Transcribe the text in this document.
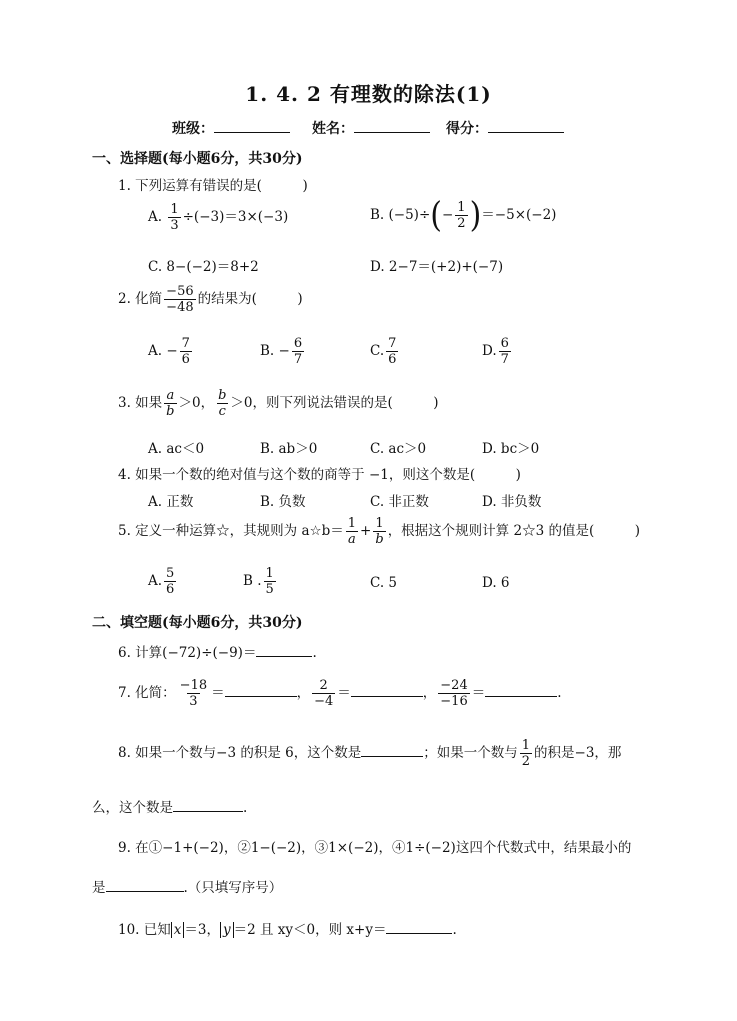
1. 4. 2 有理数的除法(1)
班级：	姓名：	得分：
一、选择题(每小题6分，共30分)
1. 下列运算有错误的是(　　　)
A. $\frac{1}{3} \div(-3)=3\times(-3)$	B. $(-5)\div(- \frac{1}{2} )=-5\times(-2)$
C. 8−(−2)＝8+2	D. 2−7＝(+2)+(−7)
2. 化简 $\frac{-56}{-48}$ 的结果为(　　　)
A. − $\frac{7}{6}$	B. − $\frac{6}{7}$	C. $\frac{7}{6}$	D. $\frac{6}{7}$
3. 如果 $\frac{a}{b} >0$， $\frac{b}{c} >0$，则下列说法错误的是(　　　)
A. ac＜0	B. ab＞0	C. ac＞0	D. bc＞0
4. 如果一个数的绝对值与这个数的商等于 −1，则这个数是(　　　)
A. 正数	B. 负数	C. 非正数	D. 非负数
5. 定义一种运算☆，其规则为 a☆b＝ $\frac{1}{a} + \frac{1}{b}$ ，根据这个规则计算 2☆3 的值是(　　　)
A. $\frac{5}{6}$	B . $\frac{1}{5}$	C. 5	D. 6
二、填空题(每小题6分，共30分)
6. 计算(−72)÷(−9)＝	.
7. 化简： $\frac{-18}{3}$ ＝	， $\frac{2}{-4}$ ＝	， $\frac{-24}{-16}$ ＝	.
8. 如果一个数与−3 的积是 6，这个数是	；如果一个数与 $\frac{1}{2}$ 的积是−3，那
么，这个数是	.
9. 在①−1+(−2)，②1−(−2)，③1×(−2)，④1÷(−2)这四个代数式中，结果最小的
是	.（只填写序号）
10. 已知 x ＝3， y ＝2 且 xy＜0，则 x+y＝	.
